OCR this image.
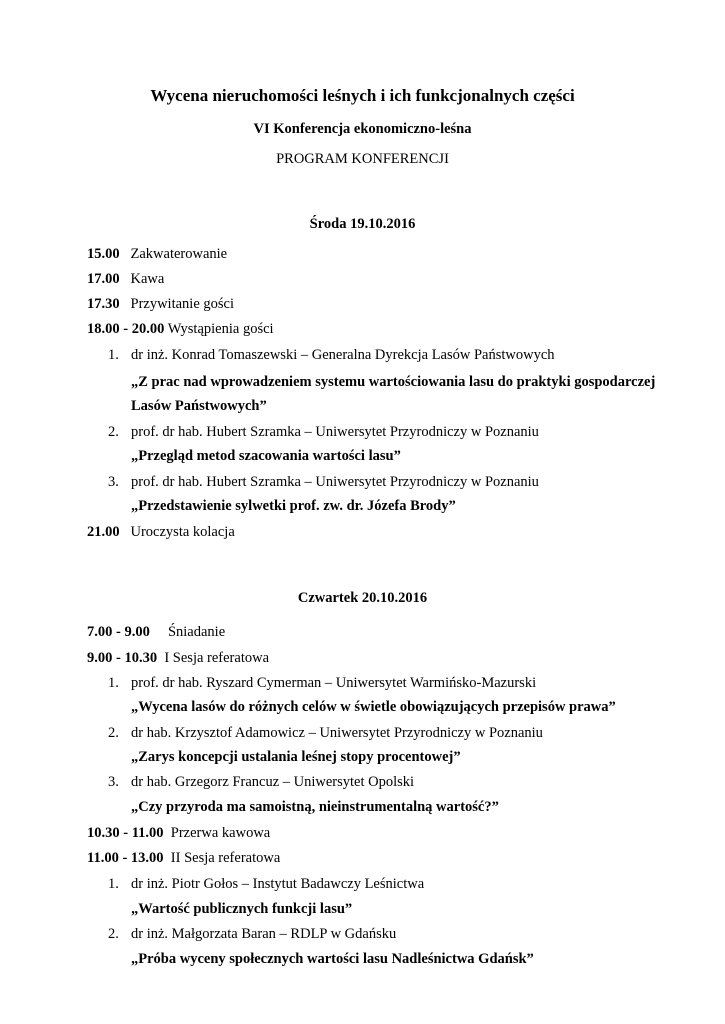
Wycena nieruchomości leśnych i ich funkcjonalnych części
VI Konferencja ekonomiczno-leśna
PROGRAM KONFERENCJI
Środa 19.10.2016
15.00 Zakwaterowanie
17.00 Kawa
17.30 Przywitanie gości
18.00 - 20.00 Wystąpienia gości
1. dr inż. Konrad Tomaszewski – Generalna Dyrekcja Lasów Państwowych
„Z prac nad wprowadzeniem systemu wartościowania lasu do praktyki gospodarczej
Lasów Państwowych”
2. prof. dr hab. Hubert Szramka – Uniwersytet Przyrodniczy w Poznaniu
„Przegląd metod szacowania wartości lasu”
3. prof. dr hab. Hubert Szramka – Uniwersytet Przyrodniczy w Poznaniu
„Przedstawienie sylwetki prof. zw. dr. Józefa Brody”
21.00 Uroczysta kolacja
Czwartek 20.10.2016
7.00 - 9.00 Śniadanie
9.00 - 10.30 I Sesja referatowa
1. prof. dr hab. Ryszard Cymerman – Uniwersytet Warmińsko-Mazurski
„Wycena lasów do różnych celów w świetle obowiązujących przepisów prawa”
2. dr hab. Krzysztof Adamowicz – Uniwersytet Przyrodniczy w Poznaniu
„Zarys koncepcji ustalania leśnej stopy procentowej”
3. dr hab. Grzegorz Francuz – Uniwersytet Opolski
„Czy przyroda ma samoistną, nieinstrumentalną wartość?”
10.30 - 11.00 Przerwa kawowa
11.00 - 13.00 II Sesja referatowa
1. dr inż. Piotr Gołos – Instytut Badawczy Leśnictwa
„Wartość publicznych funkcji lasu”
2. dr inż. Małgorzata Baran – RDLP w Gdańsku
„Próba wyceny społecznych wartości lasu Nadleśnictwa Gdańsk”
